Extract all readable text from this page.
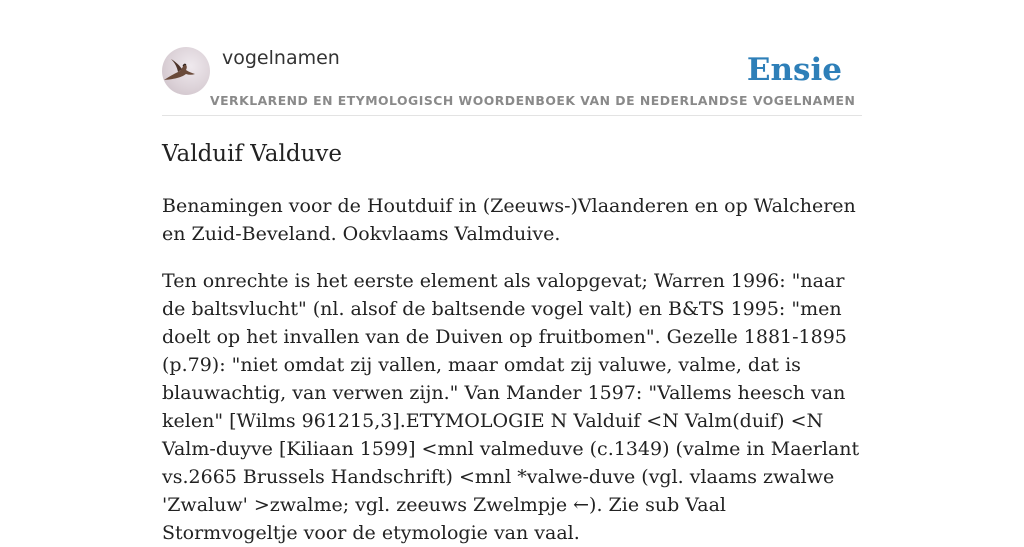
vogelnamen
VERKLAREND EN ETYMOLOGISCH WOORDENBOEK VAN DE NEDERLANDSE VOGELNAMEN
Ensie
Valduif Valduve

Benamingen voor de Houtduif in (Zeeuws-)Vlaanderen en op Walcheren en Zuid-Beveland. Ookvlaams Valmduive.

Ten onrechte is het eerste element als valopgevat; Warren 1996: "naar de baltsvlucht" (nl. alsof de baltsende vogel valt) en B&TS 1995: "men doelt op het invallen van de Duiven op fruitbomen". Gezelle 1881-1895 (p.79): "niet omdat zij vallen, maar omdat zij valuwe, valme, dat is blauwachtig, van verwen zijn." Van Mander 1597: "Vallems heesch van kelen" [Wilms 961215,3].ETYMOLOGIE N Valduif <N Valm(duif) <N Valm-duyve [Kiliaan 1599] <mnl valmeduve (c.1349) (valme in Maerlant vs.2665 Brussels Handschrift) <mnl *valwe-duve (vgl. vlaams zwalwe 'Zwaluw' >zwalme; vgl. zeeuws Zwelmpje ←). Zie sub Vaal Stormvogeltje voor de etymologie van vaal.
